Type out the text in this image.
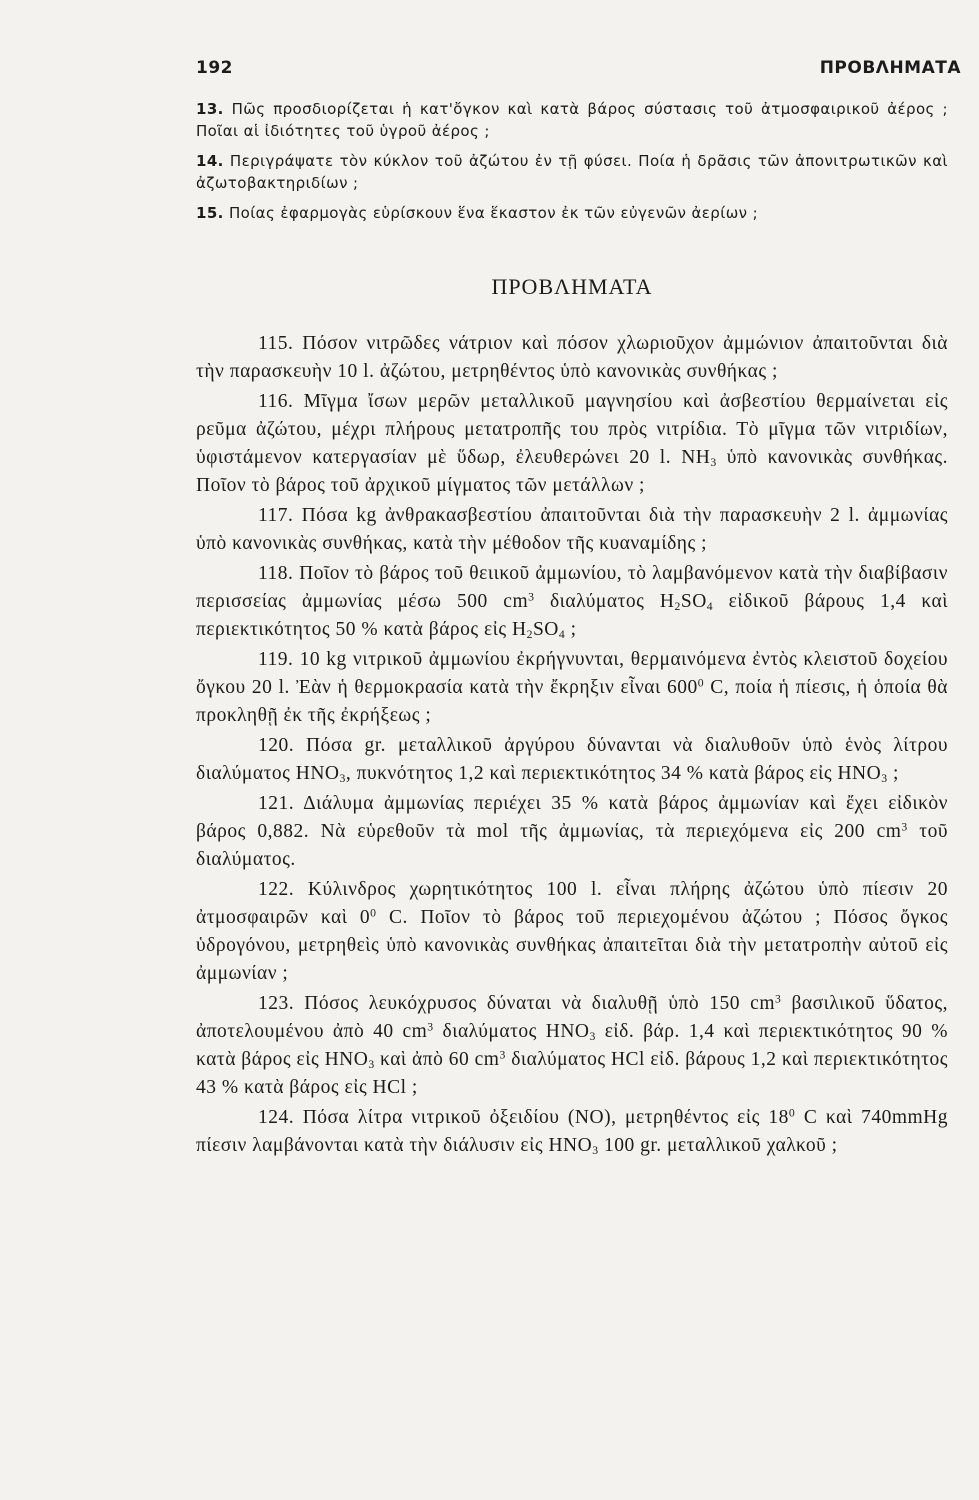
192	ΠΡΟΒΛΗΜΑΤΑ

13. Πῶς προσδιορίζεται ἡ κατ'ὄγκον καὶ κατὰ βάρος σύστασις τοῦ ἀτμοσφαιρικοῦ ἀέρος ; Ποῖαι αἱ ἰδιότητες τοῦ ὑγροῦ ἀέρος ;

14. Περιγράψατε τὸν κύκλον τοῦ ἀζώτου ἐν τῇ φύσει. Ποία ἡ δρᾶσις τῶν ἀπονιτρωτικῶν καὶ ἀζωτοβακτηριδίων ;

15. Ποίας ἐφαρμογὰς εὑρίσκουν ἕνα ἕκαστον ἐκ τῶν εὐγενῶν ἀερίων ;

ΠΡΟΒΛΗΜΑΤΑ

115. Πόσον νιτρῶδες νάτριον καὶ πόσον χλωριοῦχον ἀμμώνιον ἀπαιτοῦνται διὰ τὴν παρασκευὴν 10 l. ἀζώτου, μετρηθέντος ὑπὸ κανονικὰς συνθήκας ;

116. Μῖγμα ἴσων μερῶν μεταλλικοῦ μαγνησίου καὶ ἀσβεστίου θερμαίνεται εἰς ρεῦμα ἀζώτου, μέχρι πλήρους μετατροπῆς του πρὸς νιτρίδια. Τὸ μῖγμα τῶν νιτριδίων, ὑφιστάμενον κατεργασίαν μὲ ὕδωρ, ἐλευθερώνει 20 l. $NH_3$ ὑπὸ κανονικὰς συνθήκας. Ποῖον τὸ βάρος τοῦ ἀρχικοῦ μίγματος τῶν μετάλλων ;

117. Πόσα kg ἀνθρακασβεστίου ἀπαιτοῦνται διὰ τὴν παρασκευὴν 2 l. ἀμμωνίας ὑπὸ κανονικὰς συνθήκας, κατὰ τὴν μέθοδον τῆς κυαναμίδης ;

118. Ποῖον τὸ βάρος τοῦ θειικοῦ ἀμμωνίου, τὸ λαμβανόμενον κατὰ τὴν διαβίβασιν περισσείας ἀμμωνίας μέσω 500 $cm^3$ διαλύματος $H_2SO_4$ εἰδικοῦ βάρους 1,4 καὶ περιεκτικότητος 50 % κατὰ βάρος εἰς $H_2SO_4$ ;

119. 10 kg νιτρικοῦ ἀμμωνίου ἐκρήγνυνται, θερμαινόμενα ἐντὸς κλειστοῦ δοχείου ὄγκου 20 l. Ἐὰν ἡ θερμοκρασία κατὰ τὴν ἔκρηξιν εἶναι $600^0$ C, ποία ἡ πίεσις, ἡ ὁποία θὰ προκληθῇ ἐκ τῆς ἐκρήξεως ;

120. Πόσα gr. μεταλλικοῦ ἀργύρου δύνανται νὰ διαλυθοῦν ὑπὸ ἑνὸς λίτρου διαλύματος $HNO_3$, πυκνότητος 1,2 καὶ περιεκτικότητος 34 % κατὰ βάρος εἰς $HNO_3$ ;

121. Διάλυμα ἀμμωνίας περιέχει 35 % κατὰ βάρος ἀμμωνίαν καὶ ἔχει εἰδικὸν βάρος 0,882. Νὰ εὑρεθοῦν τὰ mol τῆς ἀμμωνίας, τὰ περιεχόμενα εἰς 200 $cm^3$ τοῦ διαλύματος.

122. Κύλινδρος χωρητικότητος 100 l. εἶναι πλήρης ἀζώτου ὑπὸ πίεσιν 20 ἀτμοσφαιρῶν καὶ $0^0$ C. Ποῖον τὸ βάρος τοῦ περιεχομένου ἀζώτου ; Πόσος ὄγκος ὑδρογόνου, μετρηθεὶς ὑπὸ κανονικὰς συνθήκας ἀπαιτεῖται διὰ τὴν μετατροπὴν αὐτοῦ εἰς ἀμμωνίαν ;

123. Πόσος λευκόχρυσος δύναται νὰ διαλυθῇ ὑπὸ 150 $cm^3$ βασιλικοῦ ὕδατος, ἀποτελουμένου ἀπὸ 40 $cm^3$ διαλύματος $HNO_3$ εἰδ. βάρ. 1,4 καὶ περιεκτικότητος 90 % κατὰ βάρος εἰς $HNO_3$ καὶ ἀπὸ 60 $cm^3$ διαλύματος HCl εἰδ. βάρους 1,2 καὶ περιεκτικότητος 43 % κατὰ βάρος εἰς HCl ;

124. Πόσα λίτρα νιτρικοῦ ὀξειδίου (NO), μετρηθέντος εἰς $18^0$ C καὶ 740mmHg πίεσιν λαμβάνονται κατὰ τὴν διάλυσιν εἰς $HNO_3$ 100 gr. μεταλλικοῦ χαλκοῦ ;
